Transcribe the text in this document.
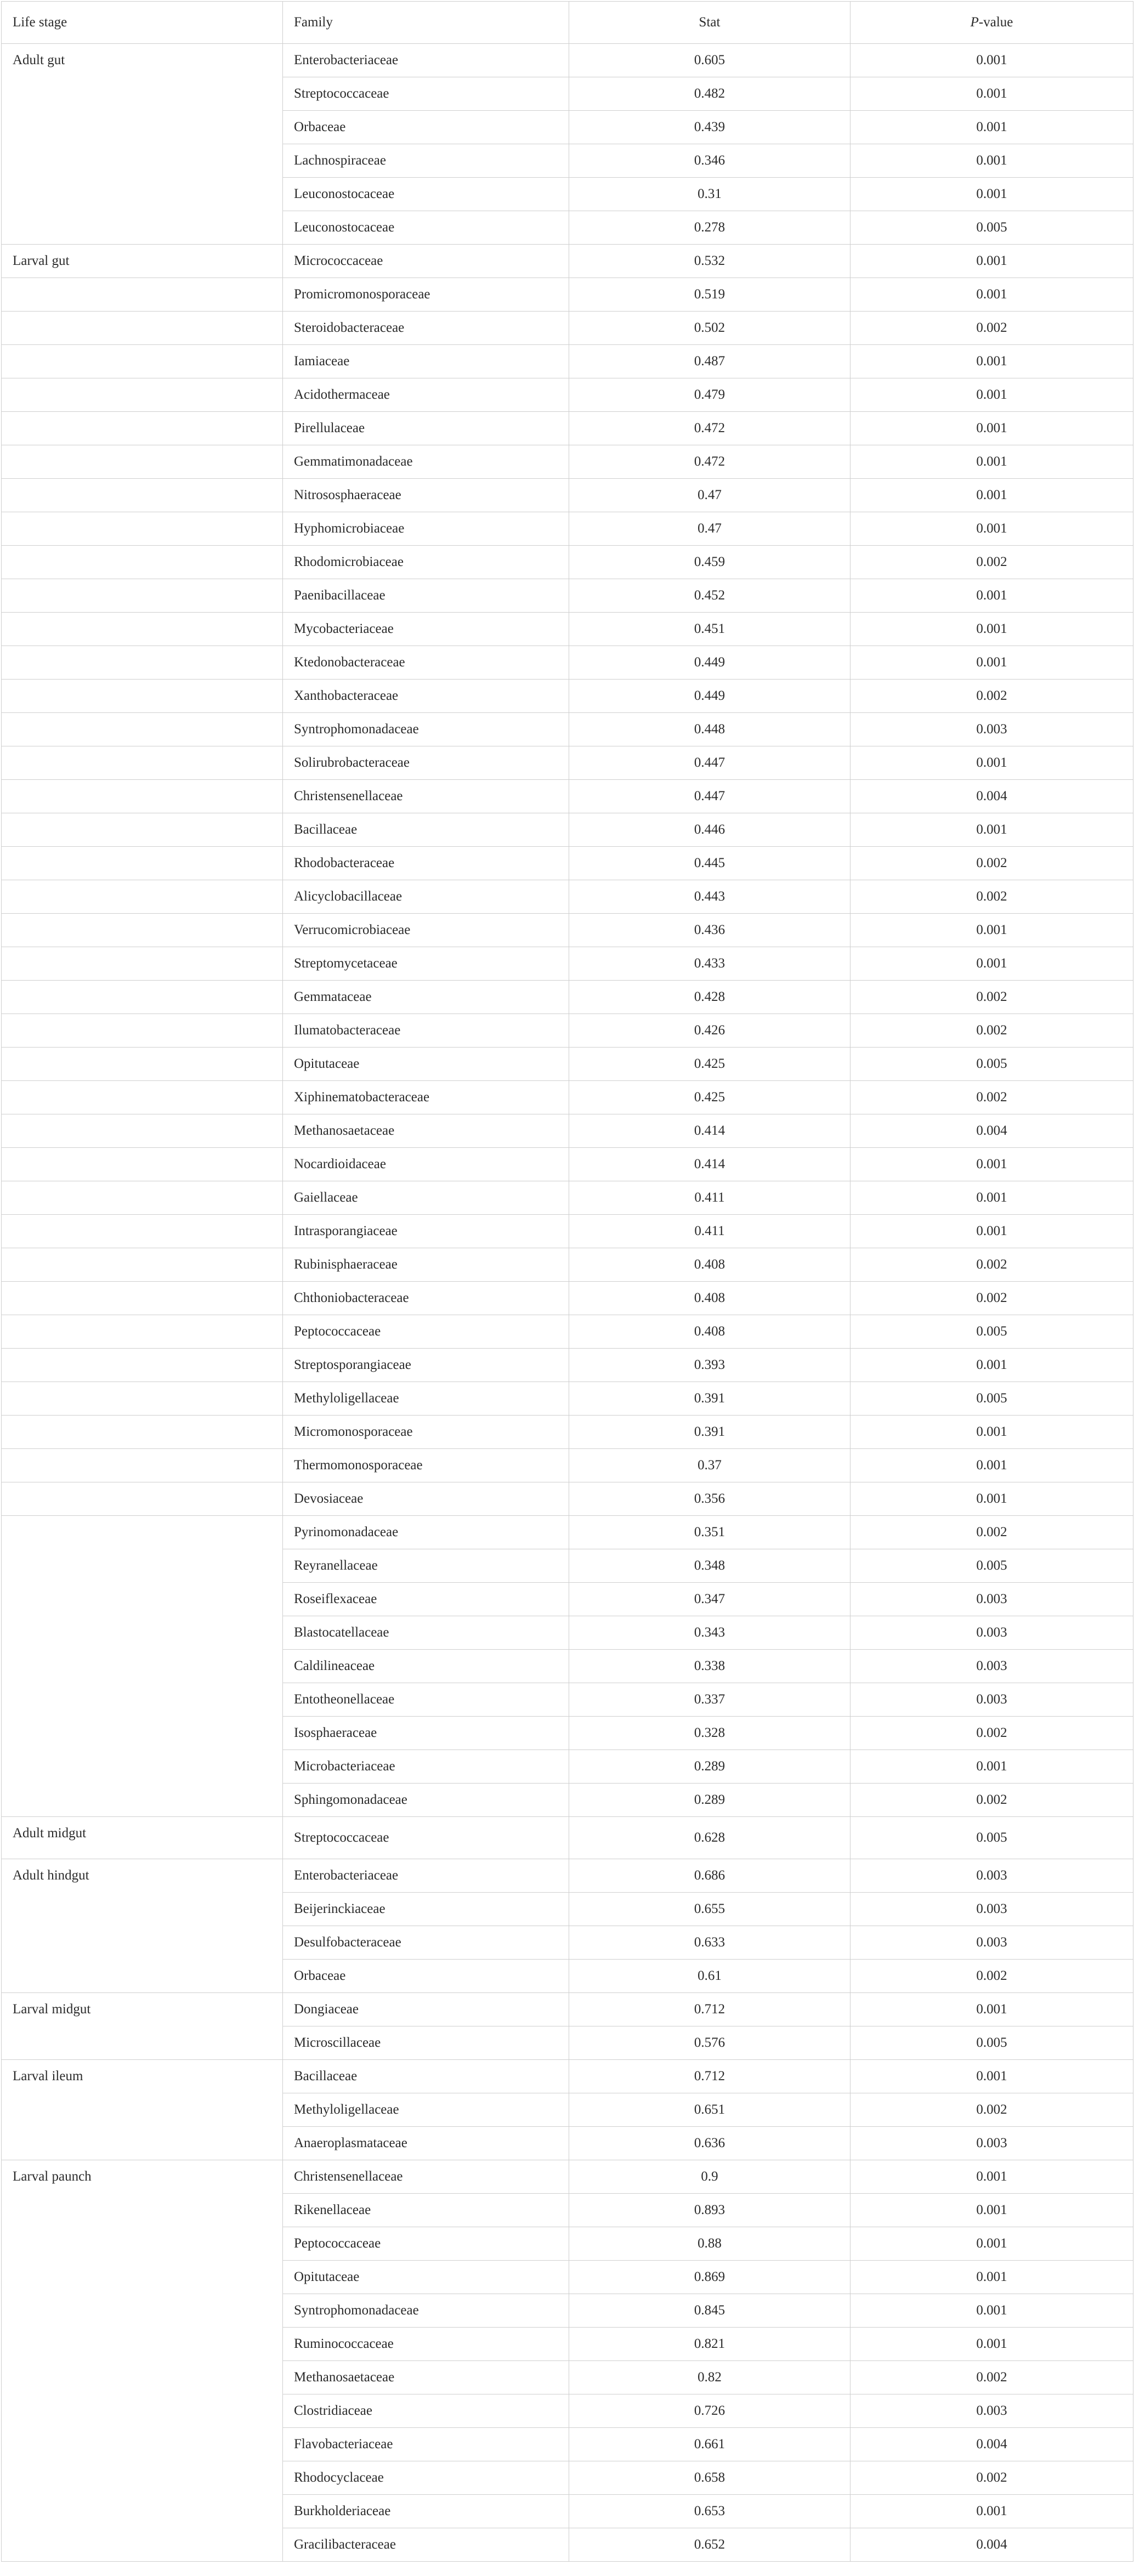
Life stage	Family	Stat	P-value
Adult gut	Enterobacteriaceae	0.605	0.001
	Streptococcaceae	0.482	0.001
	Orbaceae	0.439	0.001
	Lachnospiraceae	0.346	0.001
	Leuconostocaceae	0.31	0.001
	Leuconostocaceae	0.278	0.005
Larval gut	Micrococcaceae	0.532	0.001
	Promicromonosporaceae	0.519	0.001
	Steroidobacteraceae	0.502	0.002
	Iamiaceae	0.487	0.001
	Acidothermaceae	0.479	0.001
	Pirellulaceae	0.472	0.001
	Gemmatimonadaceae	0.472	0.001
	Nitrososphaeraceae	0.47	0.001
	Hyphomicrobiaceae	0.47	0.001
	Rhodomicrobiaceae	0.459	0.002
	Paenibacillaceae	0.452	0.001
	Mycobacteriaceae	0.451	0.001
	Ktedonobacteraceae	0.449	0.001
	Xanthobacteraceae	0.449	0.002
	Syntrophomonadaceae	0.448	0.003
	Solirubrobacteraceae	0.447	0.001
	Christensenellaceae	0.447	0.004
	Bacillaceae	0.446	0.001
	Rhodobacteraceae	0.445	0.002
	Alicyclobacillaceae	0.443	0.002
	Verrucomicrobiaceae	0.436	0.001
	Streptomycetaceae	0.433	0.001
	Gemmataceae	0.428	0.002
	Ilumatobacteraceae	0.426	0.002
	Opitutaceae	0.425	0.005
	Xiphinematobacteraceae	0.425	0.002
	Methanosaetaceae	0.414	0.004
	Nocardioidaceae	0.414	0.001
	Gaiellaceae	0.411	0.001
	Intrasporangiaceae	0.411	0.001
	Rubinisphaeraceae	0.408	0.002
	Chthoniobacteraceae	0.408	0.002
	Peptococcaceae	0.408	0.005
	Streptosporangiaceae	0.393	0.001
	Methyloligellaceae	0.391	0.005
	Micromonosporaceae	0.391	0.001
	Thermomonosporaceae	0.37	0.001
	Devosiaceae	0.356	0.001
	Pyrinomonadaceae	0.351	0.002
	Reyranellaceae	0.348	0.005
	Roseiflexaceae	0.347	0.003
	Blastocatellaceae	0.343	0.003
	Caldilineaceae	0.338	0.003
	Entotheonellaceae	0.337	0.003
	Isosphaeraceae	0.328	0.002
	Microbacteriaceae	0.289	0.001
	Sphingomonadaceae	0.289	0.002
Adult midgut	Streptococcaceae	0.628	0.005
Adult hindgut	Enterobacteriaceae	0.686	0.003
	Beijerinckiaceae	0.655	0.003
	Desulfobacteraceae	0.633	0.003
	Orbaceae	0.61	0.002
Larval midgut	Dongiaceae	0.712	0.001
	Microscillaceae	0.576	0.005
Larval ileum	Bacillaceae	0.712	0.001
	Methyloligellaceae	0.651	0.002
	Anaeroplasmataceae	0.636	0.003
Larval paunch	Christensenellaceae	0.9	0.001
	Rikenellaceae	0.893	0.001
	Peptococcaceae	0.88	0.001
	Opitutaceae	0.869	0.001
	Syntrophomonadaceae	0.845	0.001
	Ruminococcaceae	0.821	0.001
	Methanosaetaceae	0.82	0.002
	Clostridiaceae	0.726	0.003
	Flavobacteriaceae	0.661	0.004
	Rhodocyclaceae	0.658	0.002
	Burkholderiaceae	0.653	0.001
	Gracilibacteraceae	0.652	0.004
